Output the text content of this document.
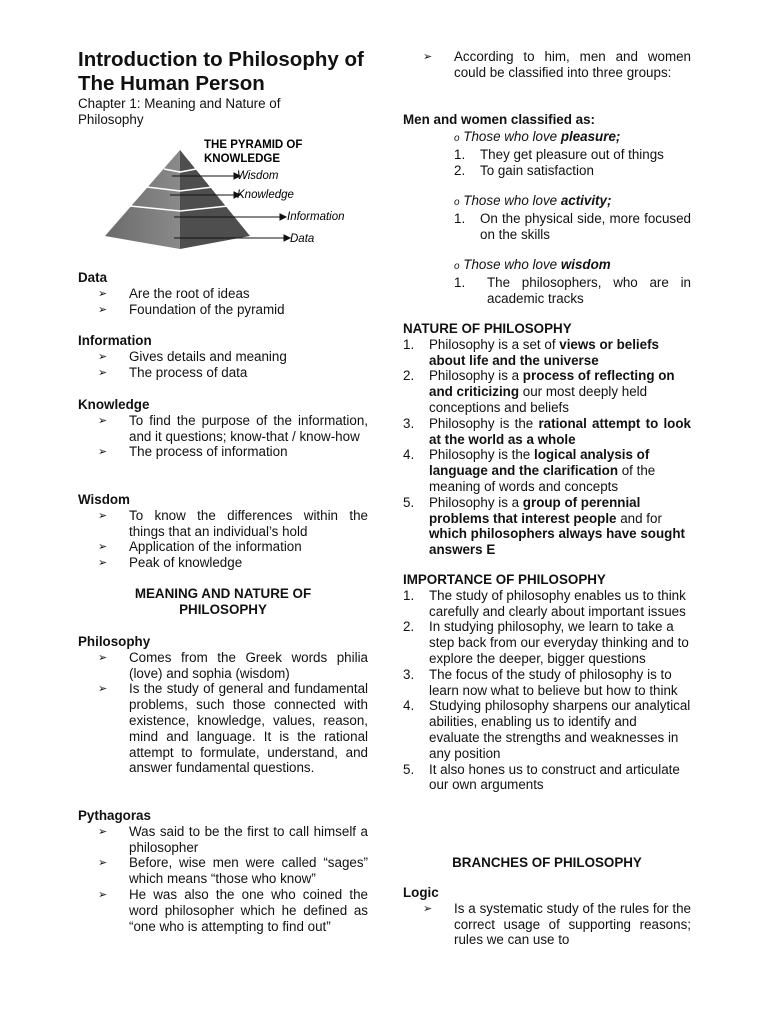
Introduction to Philosophy of The Human Person
Chapter 1: Meaning and Nature of Philosophy
THE PYRAMID OF
KNOWLEDGE
Wisdom
Knowledge
Information
Data
Data
➢ Are the root of ideas
➢ Foundation of the pyramid
Information
➢ Gives details and meaning
➢ The process of data
Knowledge
➢ To find the purpose of the information, and it questions; know-that / know-how
➢ The process of information
Wisdom
➢ To know the differences within the things that an individual’s hold
➢ Application of the information
➢ Peak of knowledge
MEANING AND NATURE OF
PHILOSOPHY
Philosophy
➢ Comes from the Greek words philia (love) and sophia (wisdom)
➢ Is the study of general and fundamental problems, such those connected with existence, knowledge, values, reason, mind and language. It is the rational attempt to formulate, understand, and answer fundamental questions.
Pythagoras
➢ Was said to be the first to call himself a philosopher
➢ Before, wise men were called “sages” which means “those who know”
➢ He was also the one who coined the word philosopher which he defined as “one who is attempting to find out”
➢ According to him, men and women could be classified into three groups:
Men and women classified as:
o Those who love pleasure;
1. They get pleasure out of things
2. To gain satisfaction
o Those who love activity;
1. On the physical side, more focused on the skills
o Those who love wisdom
1. The philosophers, who are in academic tracks
NATURE OF PHILOSOPHY
1. Philosophy is a set of views or beliefs about life and the universe
2. Philosophy is a process of reflecting on and criticizing our most deeply held conceptions and beliefs
3. Philosophy is the rational attempt to look at the world as a whole
4. Philosophy is the logical analysis of language and the clarification of the meaning of words and concepts
5. Philosophy is a group of perennial problems that interest people and for which philosophers always have sought answers E
IMPORTANCE OF PHILOSOPHY
1. The study of philosophy enables us to think carefully and clearly about important issues
2. In studying philosophy, we learn to take a step back from our everyday thinking and to explore the deeper, bigger questions
3. The focus of the study of philosophy is to learn now what to believe but how to think
4. Studying philosophy sharpens our analytical abilities, enabling us to identify and evaluate the strengths and weaknesses in any position
5. It also hones us to construct and articulate our own arguments
BRANCHES OF PHILOSOPHY
Logic
➢ Is a systematic study of the rules for the correct usage of supporting reasons; rules we can use to
